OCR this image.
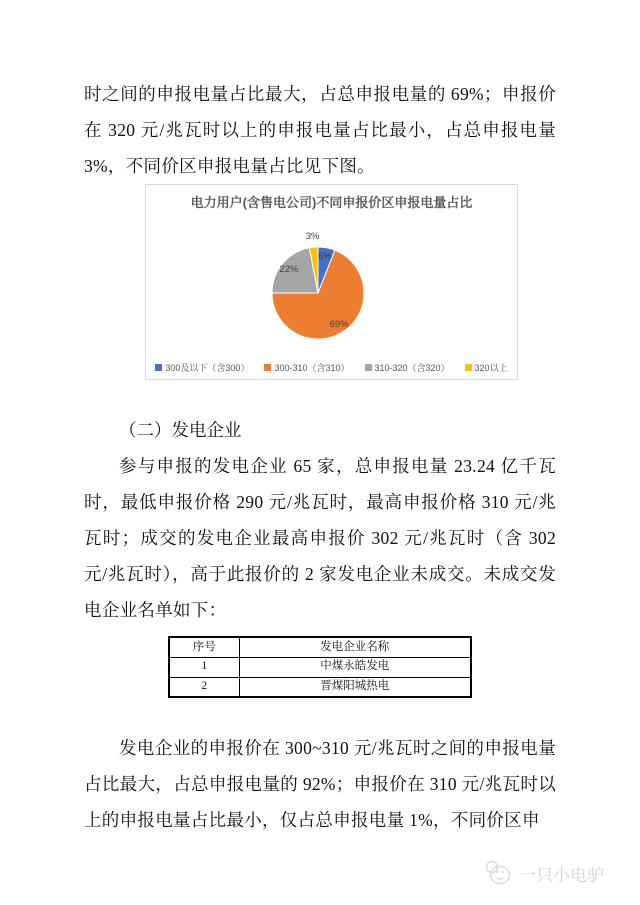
时之间的申报电量占比最大，占总申报电量的 69%；申报价在 320 元/兆瓦时以上的申报电量占比最小，占总申报电量 3%，不同价区申报电量占比见下图。

电力用户(含售电公司)不同申报价区申报电量占比
6%
69%
22%
3%
300及以下（含300）	300-310（含310）	310-320（含320）	320以上

（二）发电企业

参与申报的发电企业 65 家，总申报电量 23.24 亿千瓦时，最低申报价格 290 元/兆瓦时，最高申报价格 310 元/兆瓦时；成交的发电企业最高申报价 302 元/兆瓦时（含 302 元/兆瓦时），高于此报价的 2 家发电企业未成交。未成交发电企业名单如下：

序号	发电企业名称
1	中煤永皓发电
2	晋煤阳城热电

发电企业的申报价在 300~310 元/兆瓦时之间的申报电量占比最大，占总申报电量的 92%；申报价在 310 元/兆瓦时以上的申报电量占比最小，仅占总申报电量 1%，不同价区申

一只小电驴
